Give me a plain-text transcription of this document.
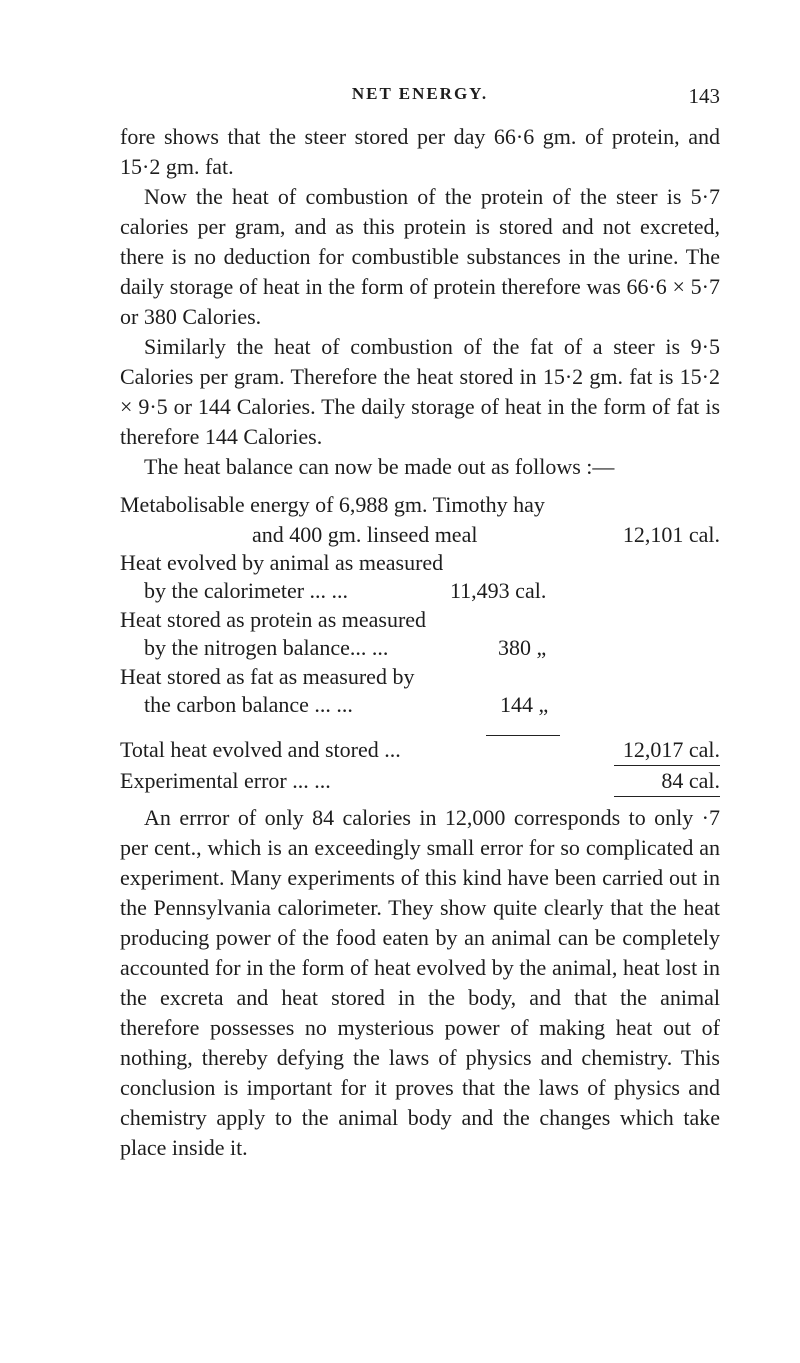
NET ENERGY.	143

fore shows that the steer stored per day 66·6 gm. of protein, and 15·2 gm. fat.

Now the heat of combustion of the protein of the steer is 5·7 calories per gram, and as this protein is stored and not excreted, there is no deduction for combustible substances in the urine. The daily storage of heat in the form of protein therefore was 66·6 × 5·7 or 380 Calories.

Similarly the heat of combustion of the fat of a steer is 9·5 Calories per gram. Therefore the heat stored in 15·2 gm. fat is 15·2 × 9·5 or 144 Calories. The daily storage of heat in the form of fat is therefore 144 Calories.

The heat balance can now be made out as follows :—

Metabolisable energy of 6,988 gm. Timothy hay
and 400 gm. linseed meal	12,101 cal.
Heat evolved by animal as measured
by the calorimeter ... ...	11,493 cal.
Heat stored as protein as measured
by the nitrogen balance... ...	380 „
Heat stored as fat as measured by
the carbon balance ... ...	144 „
Total heat evolved and stored ...	12,017 cal.
Experimental error ... ...	84 cal.

An errror of only 84 calories in 12,000 corresponds to only ·7 per cent., which is an exceedingly small error for so complicated an experiment. Many experiments of this kind have been carried out in the Pennsylvania calorimeter. They show quite clearly that the heat producing power of the food eaten by an animal can be completely accounted for in the form of heat evolved by the animal, heat lost in the excreta and heat stored in the body, and that the animal therefore possesses no mysterious power of making heat out of nothing, thereby defying the laws of physics and chemistry. This conclusion is important for it proves that the laws of physics and chemistry apply to the animal body and the changes which take place inside it.
